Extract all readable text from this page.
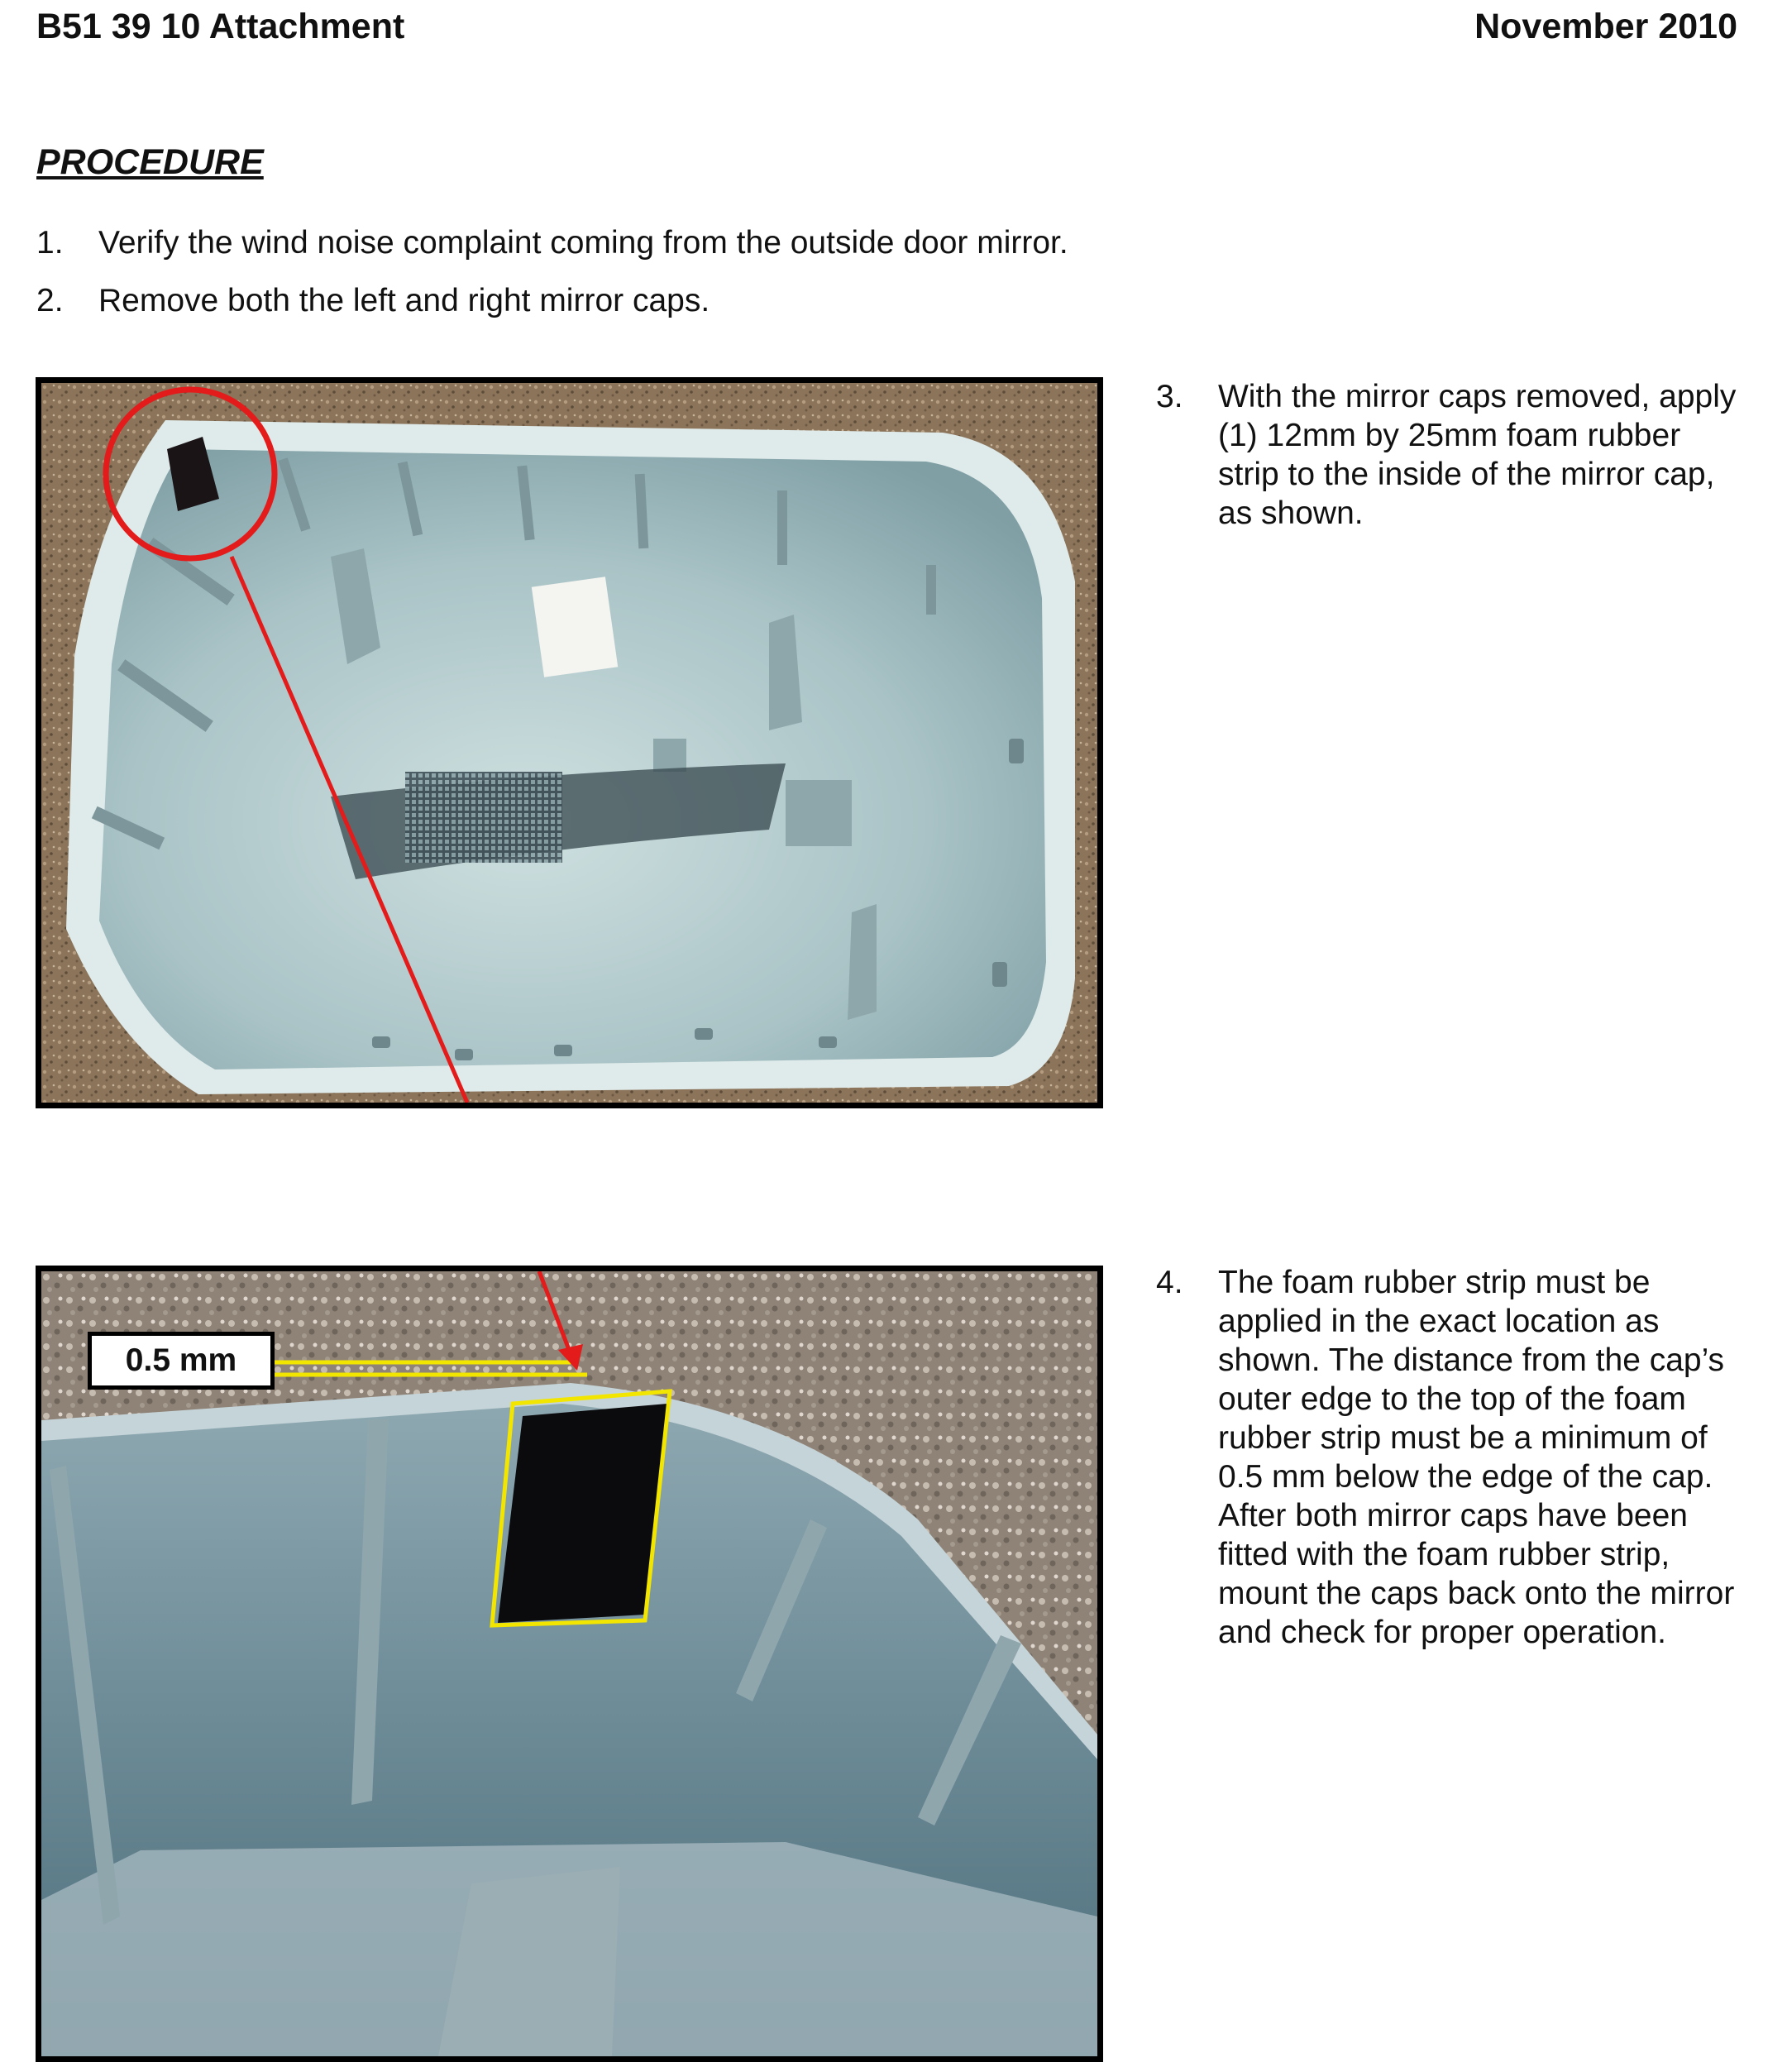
B51 39 10 Attachment	November 2010
PROCEDURE
1. Verify the wind noise complaint coming from the outside door mirror.
2. Remove both the left and right mirror caps.
3. With the mirror caps removed, apply (1) 12mm by 25mm foam rubber strip to the inside of the mirror cap, as shown.
0.5 mm
4. The foam rubber strip must be applied in the exact location as shown. The distance from the cap’s outer edge to the top of the foam rubber strip must be a minimum of 0.5 mm below the edge of the cap. After both mirror caps have been fitted with the foam rubber strip, mount the caps back onto the mirror and check for proper operation.
